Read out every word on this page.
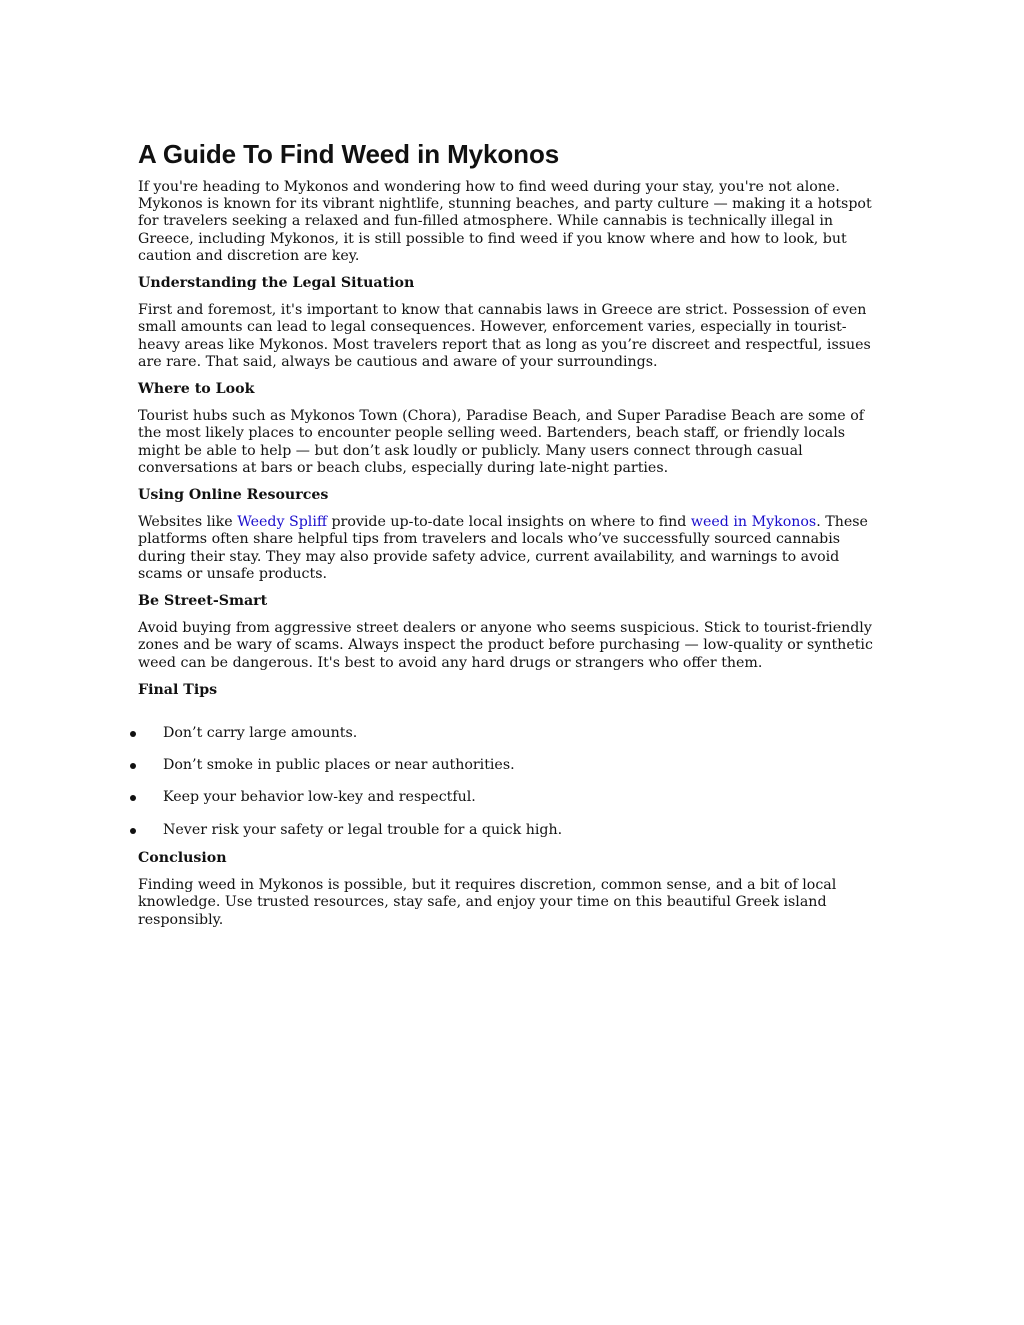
A Guide To Find Weed in Mykonos

If you're heading to Mykonos and wondering how to find weed during your stay, you're not alone. Mykonos is known for its vibrant nightlife, stunning beaches, and party culture — making it a hotspot for travelers seeking a relaxed and fun-filled atmosphere. While cannabis is technically illegal in Greece, including Mykonos, it is still possible to find weed if you know where and how to look, but caution and discretion are key.

Understanding the Legal Situation

First and foremost, it's important to know that cannabis laws in Greece are strict. Possession of even small amounts can lead to legal consequences. However, enforcement varies, especially in tourist-heavy areas like Mykonos. Most travelers report that as long as you’re discreet and respectful, issues are rare. That said, always be cautious and aware of your surroundings.

Where to Look

Tourist hubs such as Mykonos Town (Chora), Paradise Beach, and Super Paradise Beach are some of the most likely places to encounter people selling weed. Bartenders, beach staff, or friendly locals might be able to help — but don’t ask loudly or publicly. Many users connect through casual conversations at bars or beach clubs, especially during late-night parties.

Using Online Resources

Websites like Weedy Spliff provide up-to-date local insights on where to find weed in Mykonos. These platforms often share helpful tips from travelers and locals who’ve successfully sourced cannabis during their stay. They may also provide safety advice, current availability, and warnings to avoid scams or unsafe products.

Be Street-Smart

Avoid buying from aggressive street dealers or anyone who seems suspicious. Stick to tourist-friendly zones and be wary of scams. Always inspect the product before purchasing — low-quality or synthetic weed can be dangerous. It's best to avoid any hard drugs or strangers who offer them.

Final Tips
Don’t carry large amounts.
Don’t smoke in public places or near authorities.
Keep your behavior low-key and respectful.
Never risk your safety or legal trouble for a quick high.
Conclusion

Finding weed in Mykonos is possible, but it requires discretion, common sense, and a bit of local knowledge. Use trusted resources, stay safe, and enjoy your time on this beautiful Greek island responsibly.
